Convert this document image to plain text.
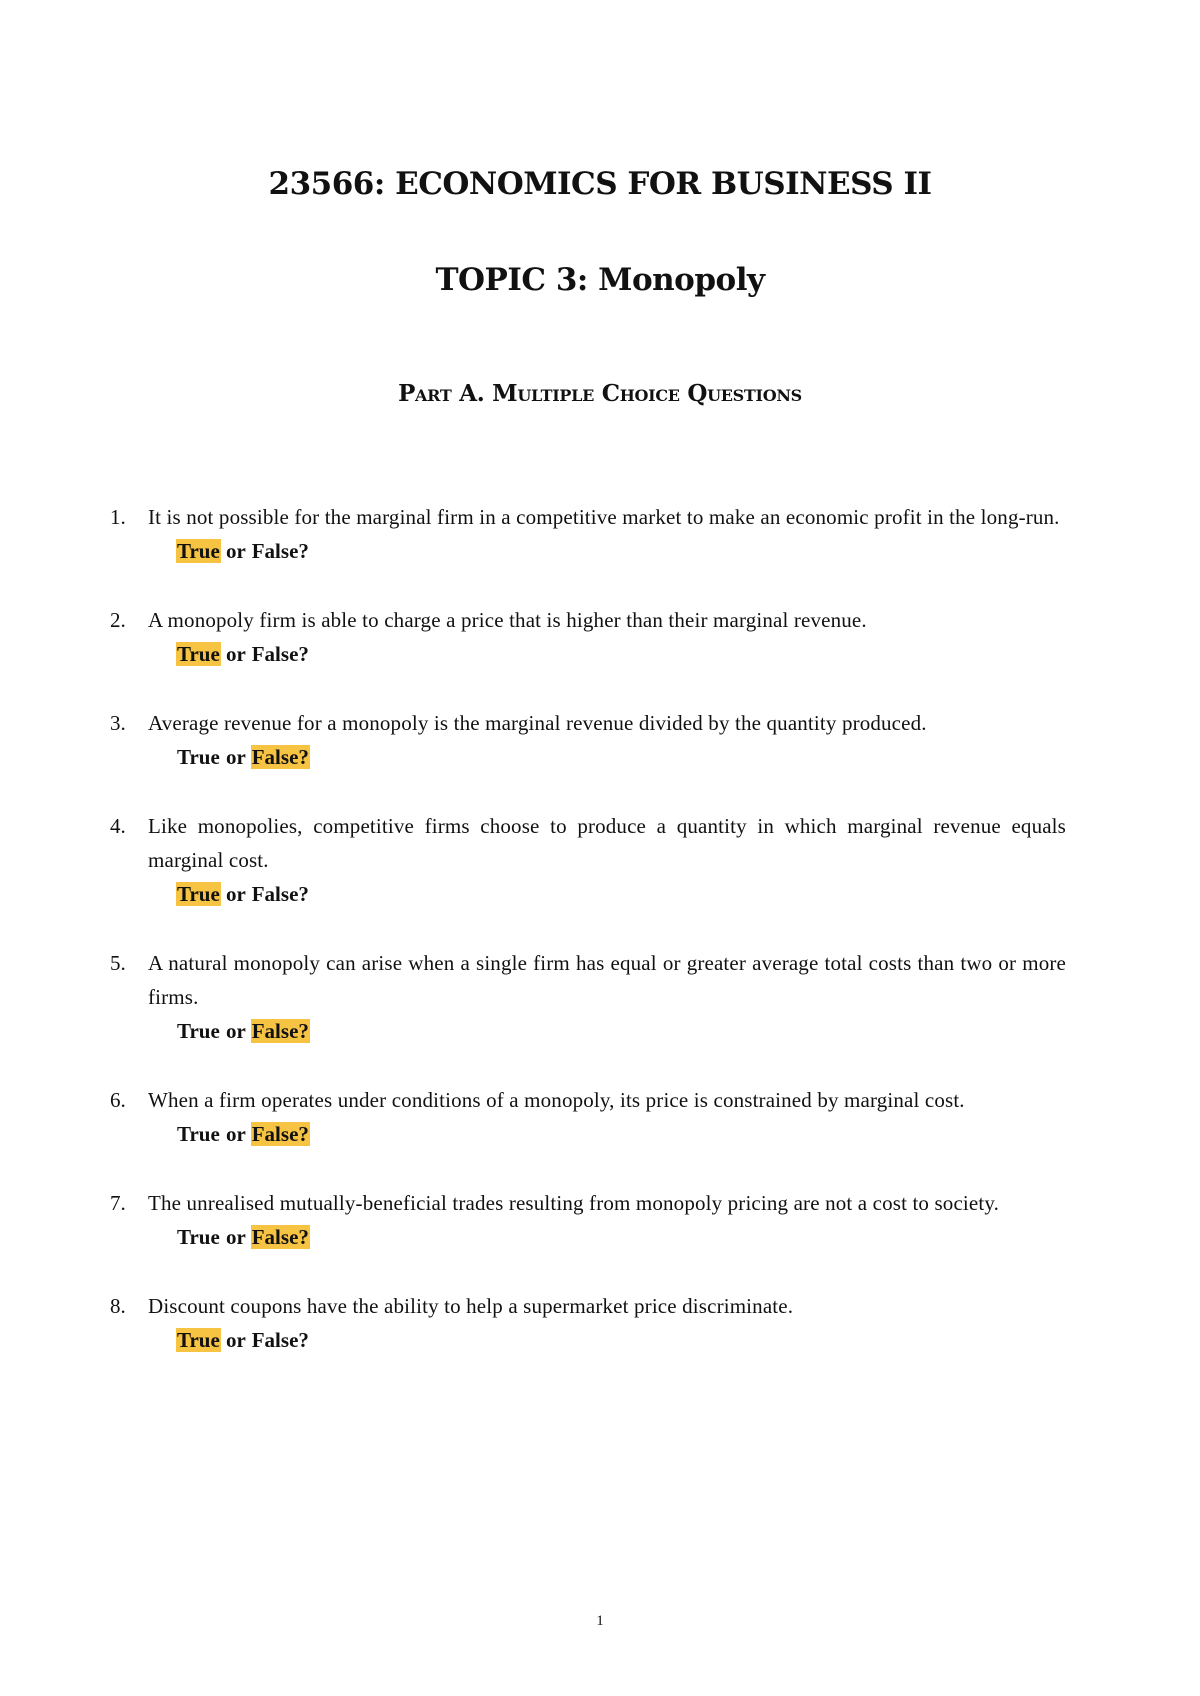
23566: ECONOMICS FOR BUSINESS II
TOPIC 3: Monopoly
Part A. Multiple Choice Questions
1. It is not possible for the marginal firm in a competitive market to make an economic profit in the long-run.
True or False?
2. A monopoly firm is able to charge a price that is higher than their marginal revenue.
True or False?
3. Average revenue for a monopoly is the marginal revenue divided by the quantity produced.
True or False?
4. Like monopolies, competitive firms choose to produce a quantity in which marginal revenue equals marginal cost.
True or False?
5. A natural monopoly can arise when a single firm has equal or greater average total costs than two or more firms.
True or False?
6. When a firm operates under conditions of a monopoly, its price is constrained by marginal cost.
True or False?
7. The unrealised mutually-beneficial trades resulting from monopoly pricing are not a cost to society.
True or False?
8. Discount coupons have the ability to help a supermarket price discriminate.
True or False?
1
